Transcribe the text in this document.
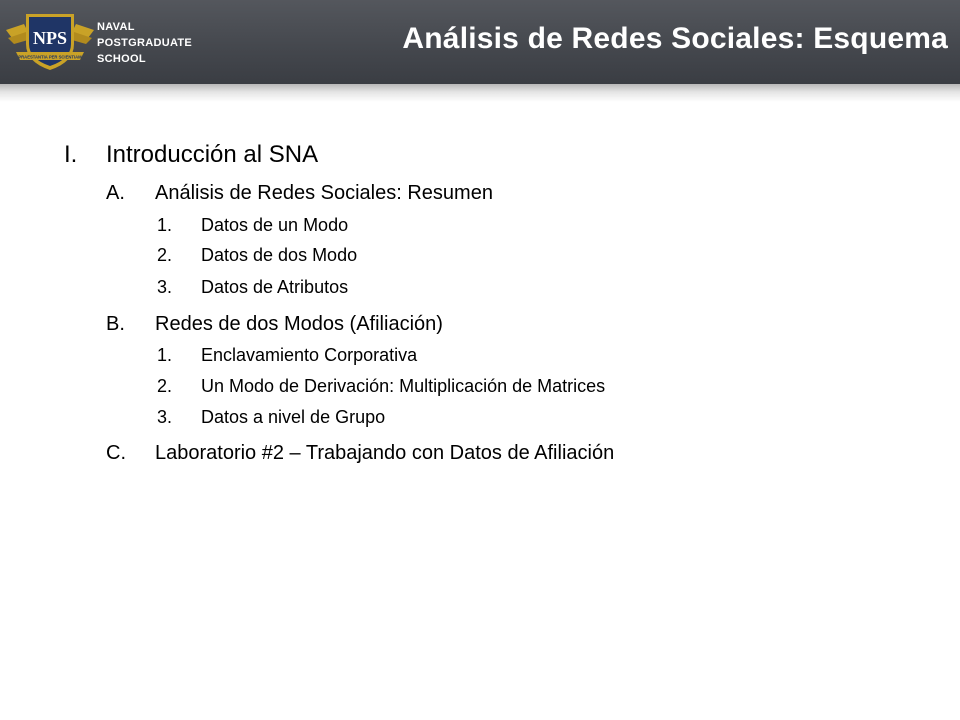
NPS
PRAESTANTIA PER SCIENTIAM
NAVAL
POSTGRADUATE
SCHOOL
Análisis de Redes Sociales: Esquema
I. Introducción al SNA
A. Análisis de Redes Sociales: Resumen
1. Datos de un Modo
2. Datos de dos Modo
3. Datos de Atributos
B. Redes de dos Modos (Afiliación)
1. Enclavamiento Corporativa
2. Un Modo de Derivación: Multiplicación de Matrices
3. Datos a nivel de Grupo
C. Laboratorio #2 – Trabajando con Datos de Afiliación
